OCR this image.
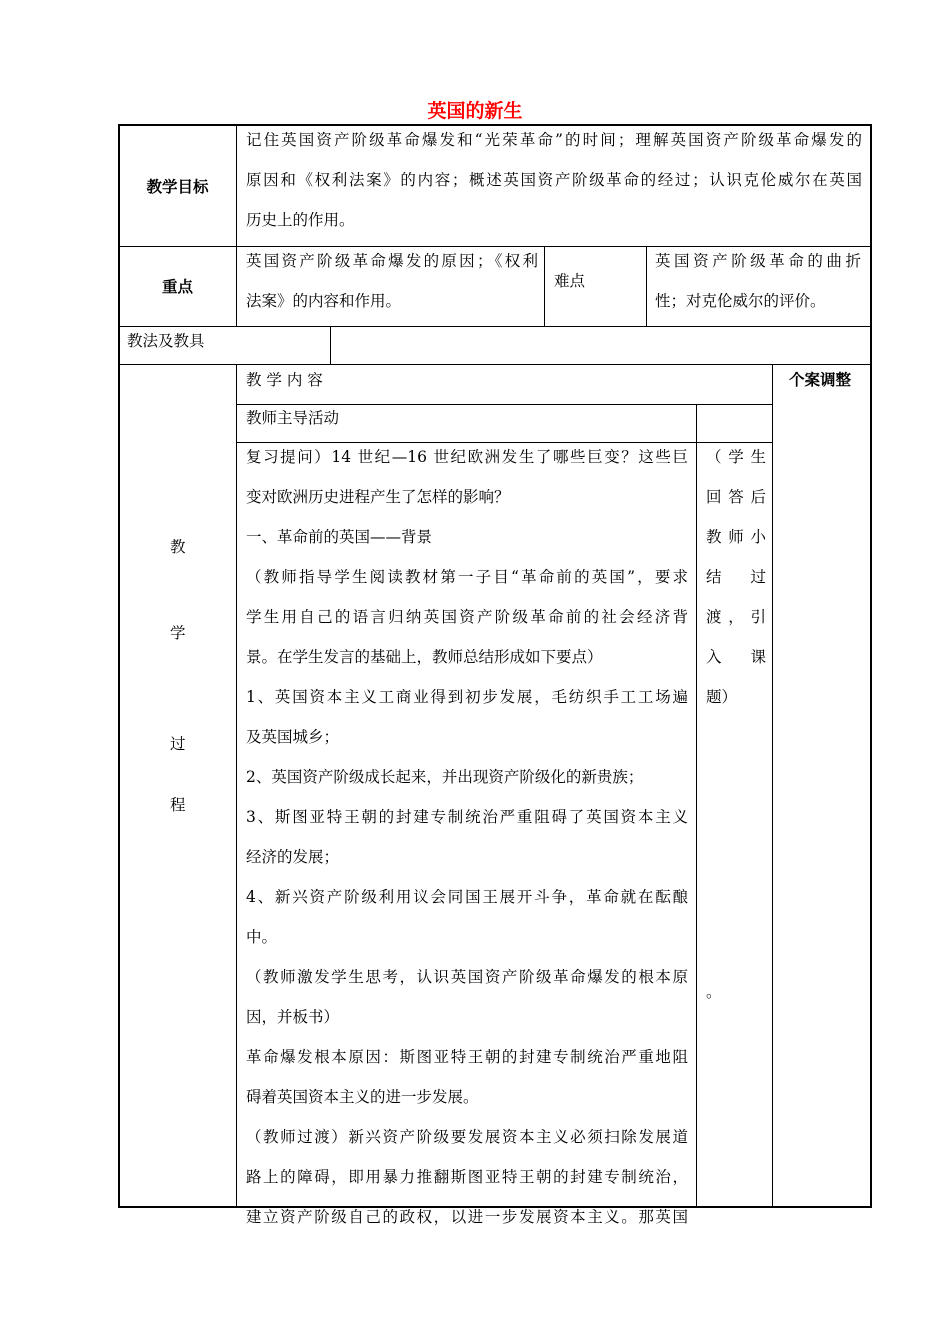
英国的新生
教学目标
记住英国资产阶级革命爆发和“光荣革命”的时间；理解英国资产阶级革命爆发的
原因和《权利法案》的内容；概述英国资产阶级革命的经过；认识克伦威尔在英国
历史上的作用。
重点
英国资产阶级革命爆发的原因；《权利
法案》的内容和作用。
难点
英国资产阶级革命的曲折
性；对克伦威尔的评价。
教法及教具
教
学
过
程
教 学 内 容	个案调整
教师主导活动
复习提问）14 世纪—16 世纪欧洲发生了哪些巨变？这些巨
变对欧洲历史进程产生了怎样的影响？
一、革命前的英国——背景
（教师指导学生阅读教材第一子目“革命前的英国”，要求
学生用自己的语言归纳英国资产阶级革命前的社会经济背
景。在学生发言的基础上，教师总结形成如下要点）
1、英国资本主义工商业得到初步发展，毛纺织手工工场遍
及英国城乡；
2、英国资产阶级成长起来，并出现资产阶级化的新贵族；
3、斯图亚特王朝的封建专制统治严重阻碍了英国资本主义
经济的发展；
4、新兴资产阶级利用议会同国王展开斗争，革命就在酝酿
中。
（教师激发学生思考，认识英国资产阶级革命爆发的根本原
因，并板书）
革命爆发根本原因：斯图亚特王朝的封建专制统治严重地阻
碍着英国资本主义的进一步发展。
（教师过渡）新兴资产阶级要发展资本主义必须扫除发展道
路上的障碍，即用暴力推翻斯图亚特王朝的封建专制统治，
建立资产阶级自己的政权，以进一步发展资本主义。那英国
（学生
回答后
教师小
结　过
渡，引
入　课
题）
。
